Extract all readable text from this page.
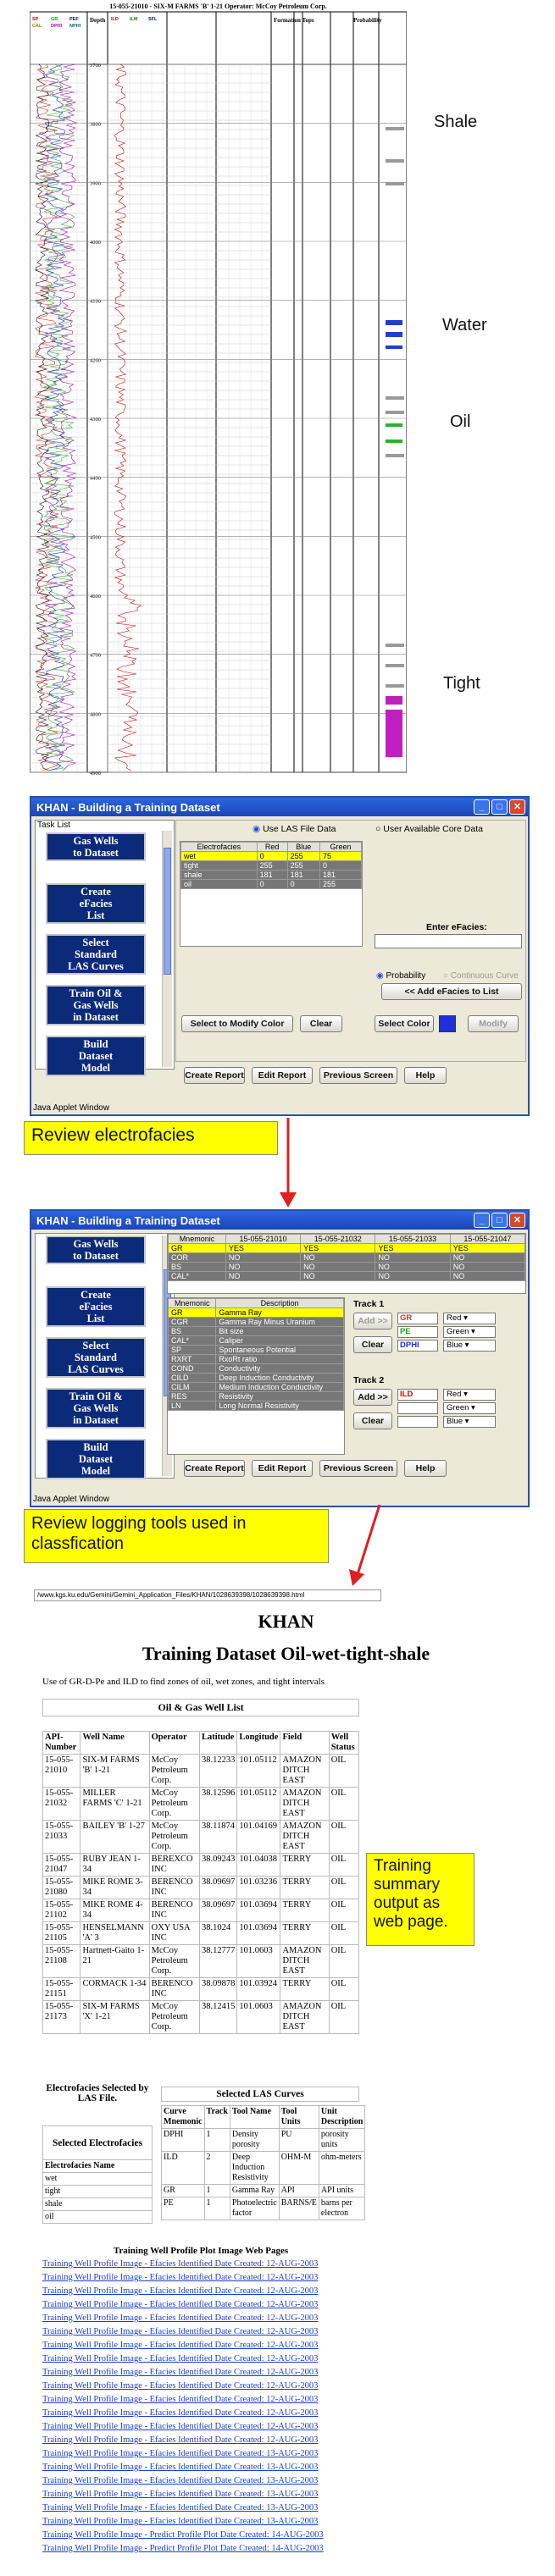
15-055-21010 - SIX-M FARMS 'B' 1-21 Operator: McCoy Petroleum Corp.
Depth	Formation Tops	Probability
SP	GR	PEF
CAL DPHI NPHI
ILD ILM SFL
3700
3800
3900
4000
4100
4200
4300
4400
4500
4600
4700
4800
4900
Shale
Water
Oil
Tight
KHAN - Building a Training Dataset	_	□	✕
Task List
Gas Wells
to Dataset
Create
eFacies
List
Select
Standard
LAS Curves
Train Oil &
Gas Wells
in Dataset
Build
Dataset
Model
◉ Use LAS File Data	○ User Available Core Data
Electrofacies	Red	Blue	Green
wet	0	255	75
tight	255	255	0
shale	181	181	181
oil	0	0	255
Enter eFacies:
◉ Probability ○ Continuous Curve
<< Add eFacies to List
Select to Modify Color	Clear	Select Color	Modify
Create Report	Edit Report	Previous Screen	Help
Java Applet Window
Review electrofacies
KHAN - Building a Training Dataset	_	□	✕
Gas Wells
to Dataset
Create
eFacies
List
Select
Standard
LAS Curves
Train Oil &
Gas Wells
in Dataset
Build
Dataset
Model
Mnemonic	15-055-21010	15-055-21032	15-055-21033	15-055-21047
GR	YES	YES	YES	YES
COR	NO	NO	NO	NO
BS	NO	NO	NO	NO
CAL*	NO	NO	NO	NO
Mnemonic	Description
GR	Gamma Ray
CGR	Gamma Ray Minus Uranium
BS	Bit size
CAL*	Caliper
SP	Spontaneous Potential
RXRT	RxoRt ratio
COND	Conductivity
CILD	Deep Induction Conductivity
CILM	Medium Induction Conductivity
RES	Resistivity
LN	Long Normal Resistivity
Track 1
Add >>
Clear
GR	Red ▾
PE	Green ▾
DPHI	Blue ▾
Track 2
Add >>
Clear
ILD	Red ▾
Green ▾
Blue ▾
Create Report	Edit Report	Previous Screen	Help
Java Applet Window
Review logging tools used in classfication
/www.kgs.ku.edu/Gemini/Gemini_Application_Files/KHAN/1028639398/1028639398.html
KHAN
Training Dataset Oil-wet-tight-shale
Use of GR-D-Pe and ILD to find zones of oil, wet zones, and tight intervals
Oil & Gas Well List
API-Number	Well Name	Operator	Latitude	Longitude	Field	Well Status
15-055-21010	SIX-M FARMS 'B' 1-21	McCoy Petroleum Corp.	38.12233	101.05112	AMAZON DITCH EAST	OIL
15-055-21032	MILLER FARMS 'C' 1-21	McCoy Petroleum Corp.	38.12596	101.05112	AMAZON DITCH EAST	OIL
15-055-21033	BAILEY 'B' 1-27	McCoy Petroleum Corp.	38.11874	101.04169	AMAZON DITCH EAST	OIL
15-055-21047	RUBY JEAN 1-34	BEREXCO INC	38.09243	101.04038	TERRY	OIL
15-055-21080	MIKE ROME 3-34	BERENCO INC	38.09697	101.03236	TERRY	OIL
15-055-21102	MIKE ROME 4-34	BERENCO INC	38.09697	101.03694	TERRY	OIL
15-055-21105	HENSELMANN 'A' 3	OXY USA INC	38.1024	101.03694	TERRY	OIL
15-055-21108	Hartnett-Gaito 1-21	McCoy Petroleum Corp.	38.12777	101.0603	AMAZON DITCH EAST	OIL
15-055-21151	CORMACK 1-34	BERENCO INC	38.09878	101.03924	TERRY	OIL
15-055-21173	SIX-M FARMS 'X' 1-21	McCoy Petroleum Corp.	38.12415	101.0603	AMAZON DITCH EAST	OIL
Training summary output as web page.
Electrofacies Selected by LAS File.
Selected Electrofacies
Electrofacies Name
wet
tight
shale
oil
Selected LAS Curves
Curve Mnemonic	Track	Tool Name	Tool Units	Unit Description
DPHI	1	Density porosity	PU	porosity units
ILD	2	Deep Induction Resistivity	OHM-M	ohm-meters
GR	1	Gamma Ray	API	API units
PE	1	Photoelectric factor	BARNS/E	barns per electron
Training Well Profile Plot Image Web Pages
Training Well Profile Image - Efacies Identified Date Created: 12-AUG-2003
Training Well Profile Image - Efacies Identified Date Created: 12-AUG-2003
Training Well Profile Image - Efacies Identified Date Created: 12-AUG-2003
Training Well Profile Image - Efacies Identified Date Created: 12-AUG-2003
Training Well Profile Image - Efacies Identified Date Created: 12-AUG-2003
Training Well Profile Image - Efacies Identified Date Created: 12-AUG-2003
Training Well Profile Image - Efacies Identified Date Created: 12-AUG-2003
Training Well Profile Image - Efacies Identified Date Created: 12-AUG-2003
Training Well Profile Image - Efacies Identified Date Created: 12-AUG-2003
Training Well Profile Image - Efacies Identified Date Created: 12-AUG-2003
Training Well Profile Image - Efacies Identified Date Created: 12-AUG-2003
Training Well Profile Image - Efacies Identified Date Created: 12-AUG-2003
Training Well Profile Image - Efacies Identified Date Created: 12-AUG-2003
Training Well Profile Image - Efacies Identified Date Created: 12-AUG-2003
Training Well Profile Image - Efacies Identified Date Created: 13-AUG-2003
Training Well Profile Image - Efacies Identified Date Created: 13-AUG-2003
Training Well Profile Image - Efacies Identified Date Created: 13-AUG-2003
Training Well Profile Image - Efacies Identified Date Created: 13-AUG-2003
Training Well Profile Image - Efacies Identified Date Created: 13-AUG-2003
Training Well Profile Image - Efacies Identified Date Created: 13-AUG-2003
Training Well Profile Image - Predict Profile Plot Date Created: 14-AUG-2003
Training Well Profile Image - Predict Profile Plot Date Created: 14-AUG-2003
